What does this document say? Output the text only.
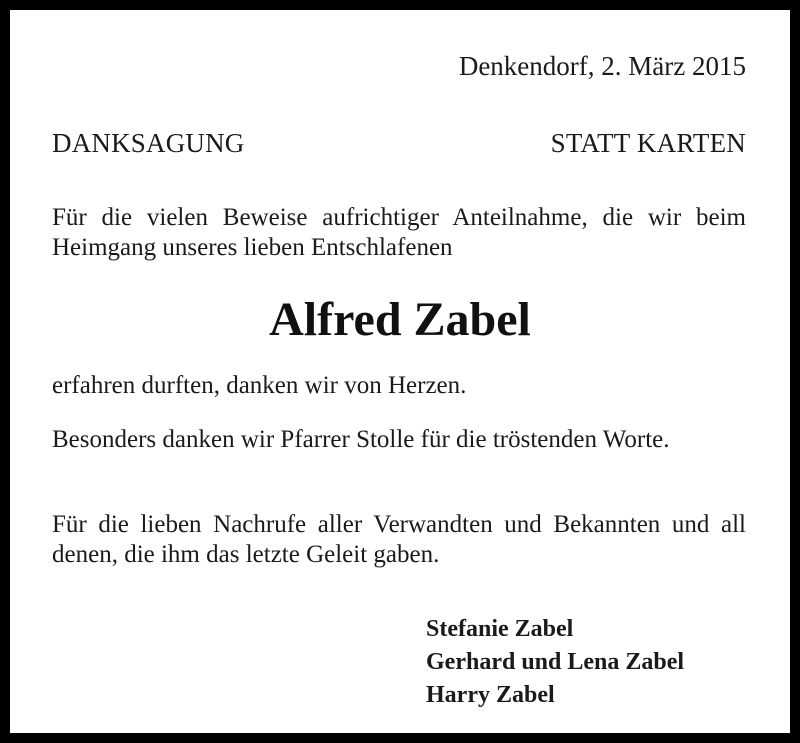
Denkendorf, 2. März 2015
DANKSAGUNG	STATT KARTEN
Für die vielen Beweise aufrichtiger Anteilnahme, die wir beim Heimgang unseres lieben Entschlafenen
Alfred Zabel
erfahren durften, danken wir von Herzen.
Besonders danken wir Pfarrer Stolle für die tröstenden Worte.
Für die lieben Nachrufe aller Verwandten und Bekannten und all denen, die ihm das letzte Geleit gaben.
Stefanie Zabel
Gerhard und Lena Zabel
Harry Zabel
